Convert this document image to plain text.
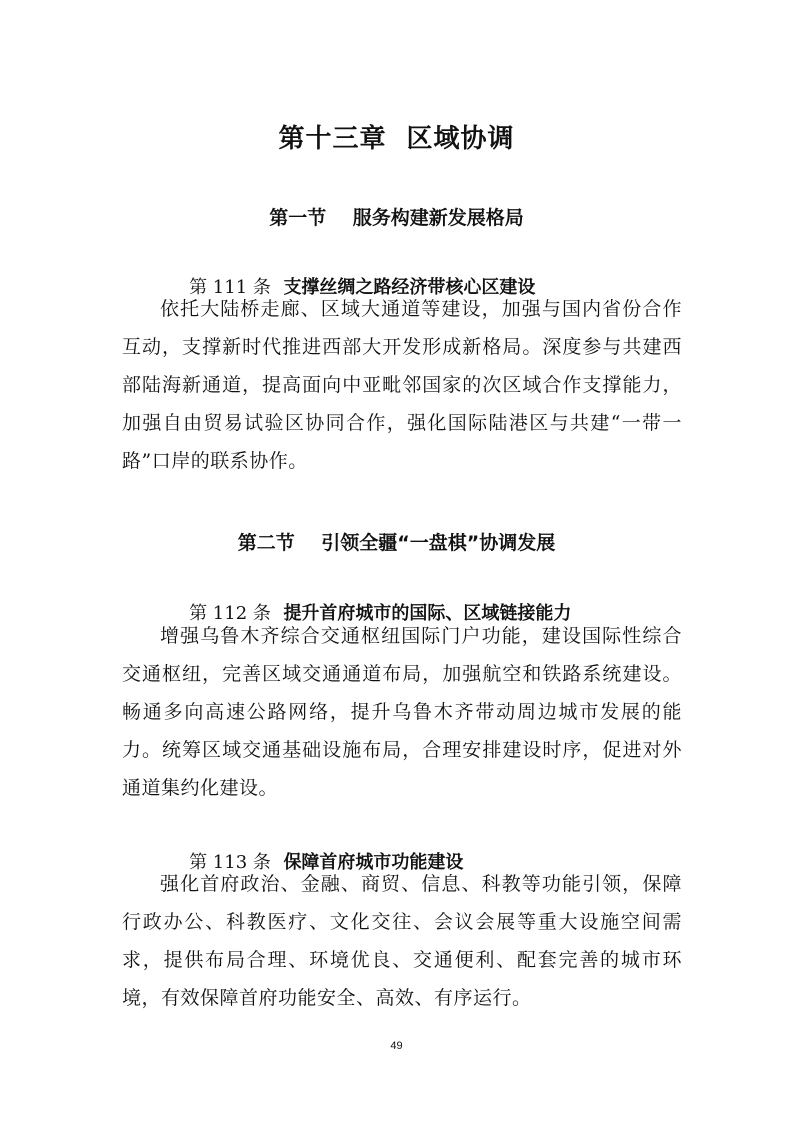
第十三章  区域协调
第一节    服务构建新发展格局

第 111 条 支撑丝绸之路经济带核心区建设

依托大陆桥走廊、区域大通道等建设，加强与国内省份合作互动，支撑新时代推进西部大开发形成新格局。深度参与共建西部陆海新通道，提高面向中亚毗邻国家的次区域合作支撑能力，加强自由贸易试验区协同合作，强化国际陆港区与共建“一带一路”口岸的联系协作。

第二节    引领全疆“一盘棋”协调发展

第 112 条 提升首府城市的国际、区域链接能力

增强乌鲁木齐综合交通枢纽国际门户功能，建设国际性综合交通枢纽，完善区域交通通道布局，加强航空和铁路系统建设。畅通多向高速公路网络，提升乌鲁木齐带动周边城市发展的能力。统筹区域交通基础设施布局，合理安排建设时序，促进对外通道集约化建设。

第 113 条 保障首府城市功能建设

强化首府政治、金融、商贸、信息、科教等功能引领，保障行政办公、科教医疗、文化交往、会议会展等重大设施空间需求，提供布局合理、环境优良、交通便利、配套完善的城市环境，有效保障首府功能安全、高效、有序运行。

49
